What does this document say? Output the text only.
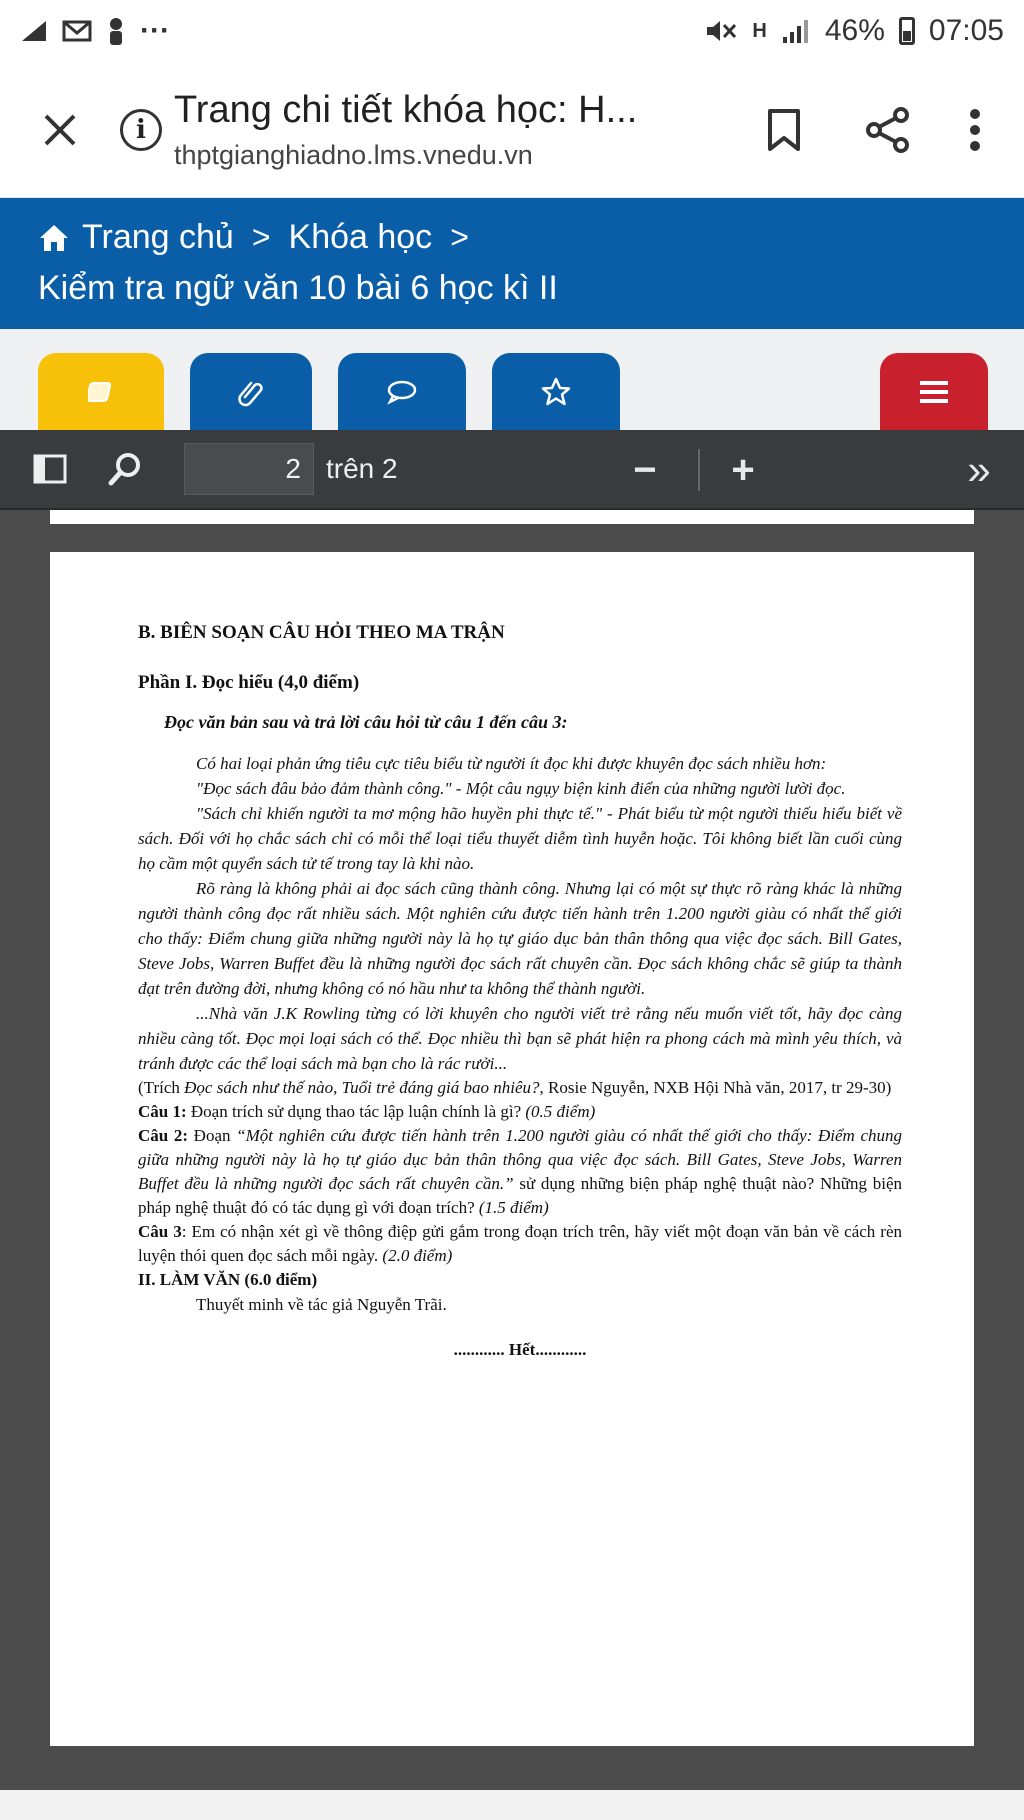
···	H 46% 07:05
i Trang chi tiết khóa học: H...
thptgianghiadno.lms.vnedu.vn
Trang chủ > Khóa học >
Kiểm tra ngữ văn 10 bài 6 học kì II
2 trên 2	−	+	»
B. BIÊN SOẠN CÂU HỎI THEO MA TRẬN
Phần I. Đọc hiểu (4,0 điểm)
Đọc văn bản sau và trả lời câu hỏi từ câu 1 đến câu 3:

Có hai loại phản ứng tiêu cực tiêu biểu từ người ít đọc khi được khuyên đọc sách nhiều hơn:

"Đọc sách đâu bảo đảm thành công." - Một câu ngụy biện kinh điển của những người lười đọc.

"Sách chỉ khiến người ta mơ mộng hão huyền phi thực tế." - Phát biểu từ một người thiếu hiểu biết về sách. Đối với họ chắc sách chỉ có mỗi thể loại tiểu thuyết diễm tình huyễn hoặc. Tôi không biết lần cuối cùng họ cầm một quyển sách tử tế trong tay là khi nào.

Rõ ràng là không phải ai đọc sách cũng thành công. Nhưng lại có một sự thực rõ ràng khác là những người thành công đọc rất nhiều sách. Một nghiên cứu được tiến hành trên 1.200 người giàu có nhất thế giới cho thấy: Điểm chung giữa những người này là họ tự giáo dục bản thân thông qua việc đọc sách. Bill Gates, Steve Jobs, Warren Buffet đều là những người đọc sách rất chuyên cần. Đọc sách không chắc sẽ giúp ta thành đạt trên đường đời, nhưng không có nó hầu như ta không thể thành người.

...Nhà văn J.K Rowling từng có lời khuyên cho người viết trẻ rằng nếu muốn viết tốt, hãy đọc càng nhiều càng tốt. Đọc mọi loại sách có thể. Đọc nhiều thì bạn sẽ phát hiện ra phong cách mà mình yêu thích, và tránh được các thể loại sách mà bạn cho là rác rưởi...

(Trích Đọc sách như thế nào, Tuổi trẻ đáng giá bao nhiêu?, Rosie Nguyễn, NXB Hội Nhà văn, 2017, tr 29-30)

Câu 1: Đoạn trích sử dụng thao tác lập luận chính là gì? (0.5 điểm)

Câu 2: Đoạn “Một nghiên cứu được tiến hành trên 1.200 người giàu có nhất thế giới cho thấy: Điểm chung giữa những người này là họ tự giáo dục bản thân thông qua việc đọc sách. Bill Gates, Steve Jobs, Warren Buffet đều là những người đọc sách rất chuyên cần.” sử dụng những biện pháp nghệ thuật nào? Những biện pháp nghệ thuật đó có tác dụng gì với đoạn trích? (1.5 điểm)

Câu 3: Em có nhận xét gì về thông điệp gửi gắm trong đoạn trích trên, hãy viết một đoạn văn bản về cách rèn luyện thói quen đọc sách mỗi ngày. (2.0 điểm)

II. LÀM VĂN (6.0 điểm)
Thuyết minh về tác giả Nguyễn Trãi.
............ Hết............
